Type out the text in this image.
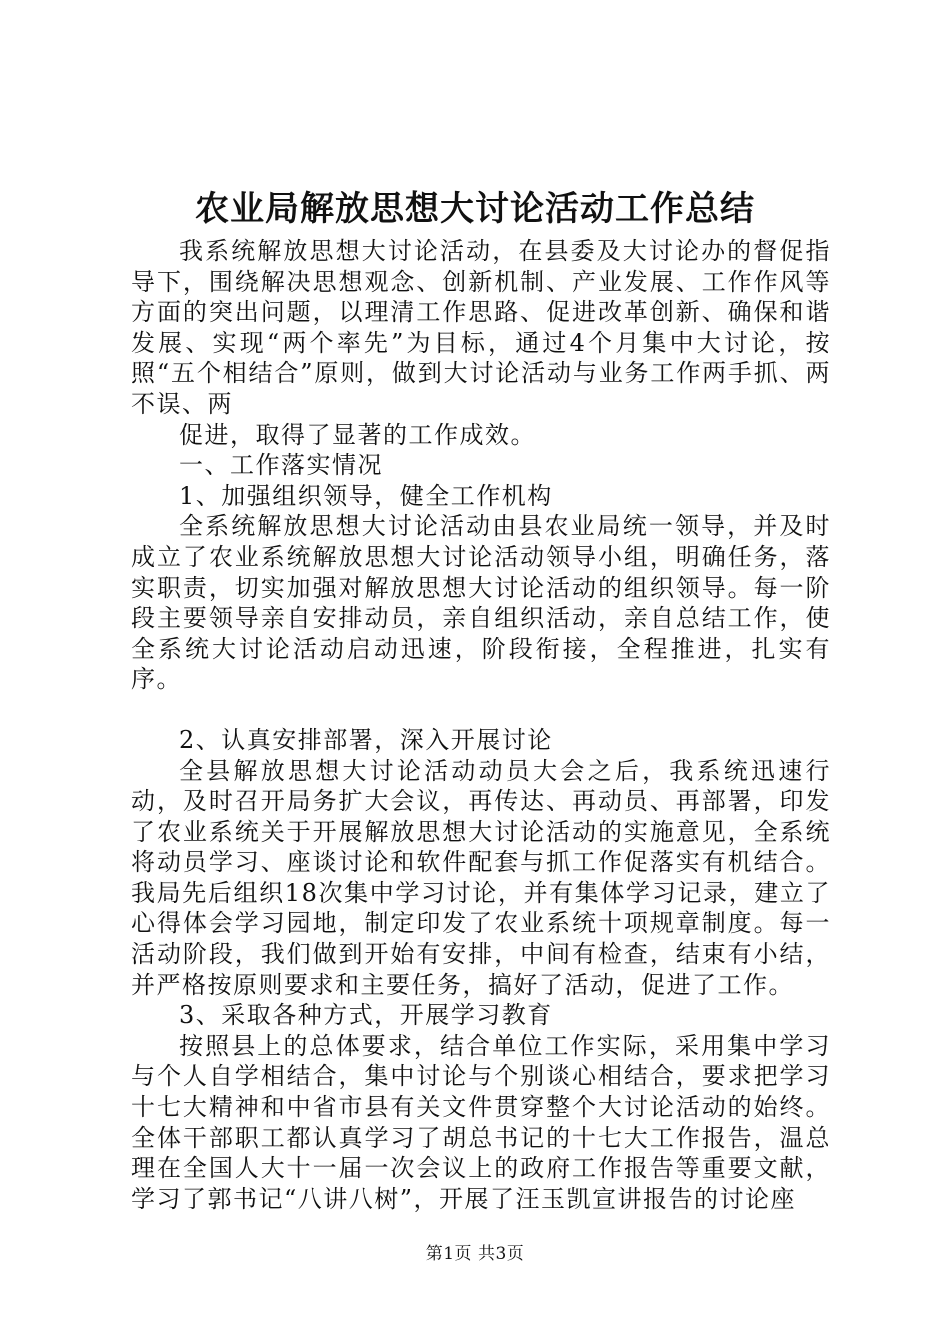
农业局解放思想大讨论活动工作总结

我系统解放思想大讨论活动，在县委及大讨论办的督促指导下，围绕解决思想观念、创新机制、产业发展、工作作风等方面的突出问题，以理清工作思路、促进改革创新、确保和谐发展、实现“两个率先”为目标，通过4个月集中大讨论，按照“五个相结合”原则，做到大讨论活动与业务工作两手抓、两不误、两

促进，取得了显著的工作成效。

一、工作落实情况

1、加强组织领导，健全工作机构

全系统解放思想大讨论活动由县农业局统一领导，并及时成立了农业系统解放思想大讨论活动领导小组，明确任务，落实职责，切实加强对解放思想大讨论活动的组织领导。每一阶段主要领导亲自安排动员，亲自组织活动，亲自总结工作，使全系统大讨论活动启动迅速，阶段衔接，全程推进，扎实有序。

2、认真安排部署，深入开展讨论

全县解放思想大讨论活动动员大会之后，我系统迅速行动，及时召开局务扩大会议，再传达、再动员、再部署，印发了农业系统关于开展解放思想大讨论活动的实施意见，全系统将动员学习、座谈讨论和软件配套与抓工作促落实有机结合。我局先后组织18次集中学习讨论，并有集体学习记录，建立了心得体会学习园地，制定印发了农业系统十项规章制度。每一活动阶段，我们做到开始有安排，中间有检查，结束有小结，并严格按原则要求和主要任务，搞好了活动，促进了工作。

3、采取各种方式，开展学习教育

按照县上的总体要求，结合单位工作实际，采用集中学习与个人自学相结合，集中讨论与个别谈心相结合，要求把学习十七大精神和中省市县有关文件贯穿整个大讨论活动的始终。全体干部职工都认真学习了胡总书记的十七大工作报告，温总理在全国人大十一届一次会议上的政府工作报告等重要文献，学习了郭书记“八讲八树”，开展了汪玉凯宣讲报告的讨论座

第1页 共3页
